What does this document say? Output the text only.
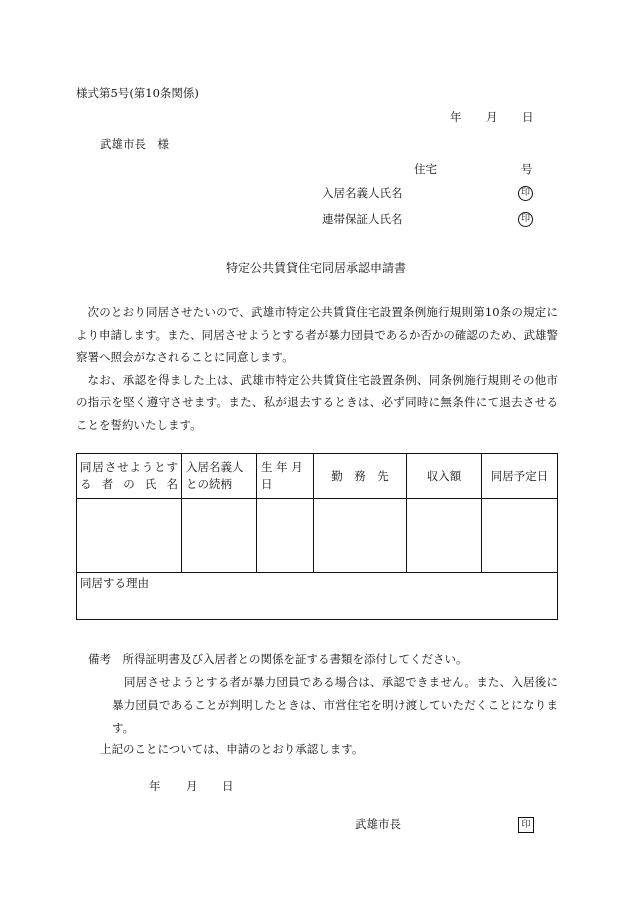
様式第5号(第10条関係)
年 月 日
武雄市長　様
住宅	号
入居名義人氏名	印
連帯保証人氏名	印
特定公共賃貸住宅同居承認申請書

次のとおり同居させたいので、武雄市特定公共賃貸住宅設置条例施行規則第10条の規定により申請します。また、同居させようとする者が暴力団員であるか否かの確認のため、武雄警察署へ照会がなされることに同意します。

なお、承認を得ました上は、武雄市特定公共賃貸住宅設置条例、同条例施行規則その他市の指示を堅く遵守させます。また、私が退去するときは、必ず同時に無条件にて退去させることを誓約いたします。

同居させようとする者の氏名	入居名義人との続柄	生 年 月 日	勤　務　先	収入額	同居予定日

同居する理由					

備考　 所得証明書及び入居者との関係を証する書類を添付してください。

同居させようとする者が暴力団員である場合は、承認できません。また、入居後に暴力団員であることが判明したときは、市営住宅を明け渡していただくことになります。

上記のことについては、申請のとおり承認します。
年 月 日
武雄市長	印
